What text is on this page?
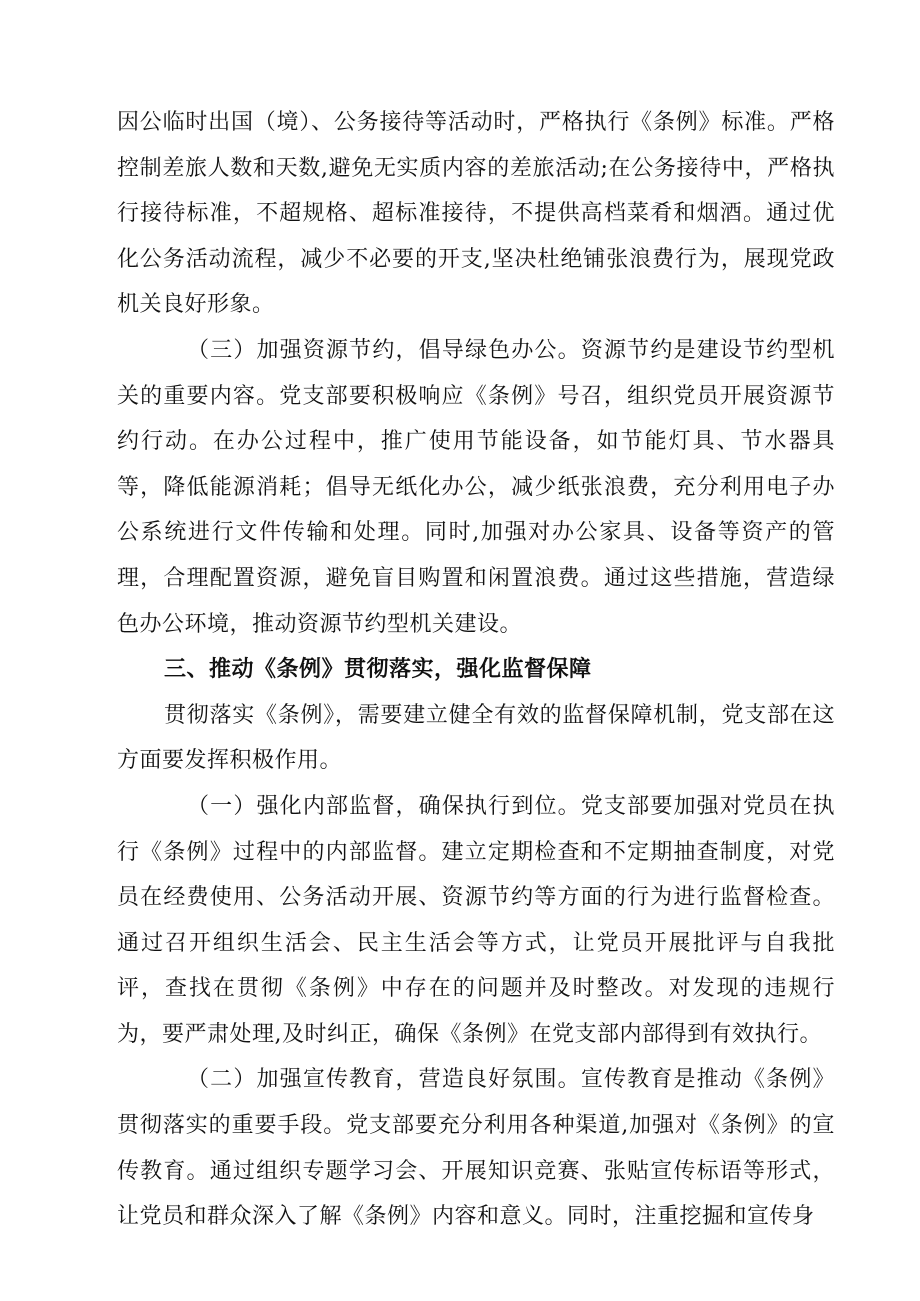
因公临时出国（境）、公务接待等活动时，严格执行《条例》标准。严格控制差旅人数和天数,避免无实质内容的差旅活动;在公务接待中，严格执行接待标准，不超规格、超标准接待，不提供高档菜肴和烟酒。通过优化公务活动流程，减少不必要的开支,坚决杜绝铺张浪费行为，展现党政机关良好形象。

（三）加强资源节约，倡导绿色办公。资源节约是建设节约型机关的重要内容。党支部要积极响应《条例》号召，组织党员开展资源节约行动。在办公过程中，推广使用节能设备，如节能灯具、节水器具等，降低能源消耗；倡导无纸化办公，减少纸张浪费，充分利用电子办公系统进行文件传输和处理。同时,加强对办公家具、设备等资产的管理，合理配置资源，避免盲目购置和闲置浪费。通过这些措施，营造绿色办公环境，推动资源节约型机关建设。

三、推动《条例》贯彻落实，强化监督保障

贯彻落实《条例》，需要建立健全有效的监督保障机制，党支部在这方面要发挥积极作用。

（一）强化内部监督，确保执行到位。党支部要加强对党员在执行《条例》过程中的内部监督。建立定期检查和不定期抽查制度，对党员在经费使用、公务活动开展、资源节约等方面的行为进行监督检查。通过召开组织生活会、民主生活会等方式，让党员开展批评与自我批评，查找在贯彻《条例》中存在的问题并及时整改。对发现的违规行为，要严肃处理,及时纠正，确保《条例》在党支部内部得到有效执行。

（二）加强宣传教育，营造良好氛围。宣传教育是推动《条例》贯彻落实的重要手段。党支部要充分利用各种渠道,加强对《条例》的宣传教育。通过组织专题学习会、开展知识竞赛、张贴宣传标语等形式，让党员和群众深入了解《条例》内容和意义。同时，注重挖掘和宣传身
